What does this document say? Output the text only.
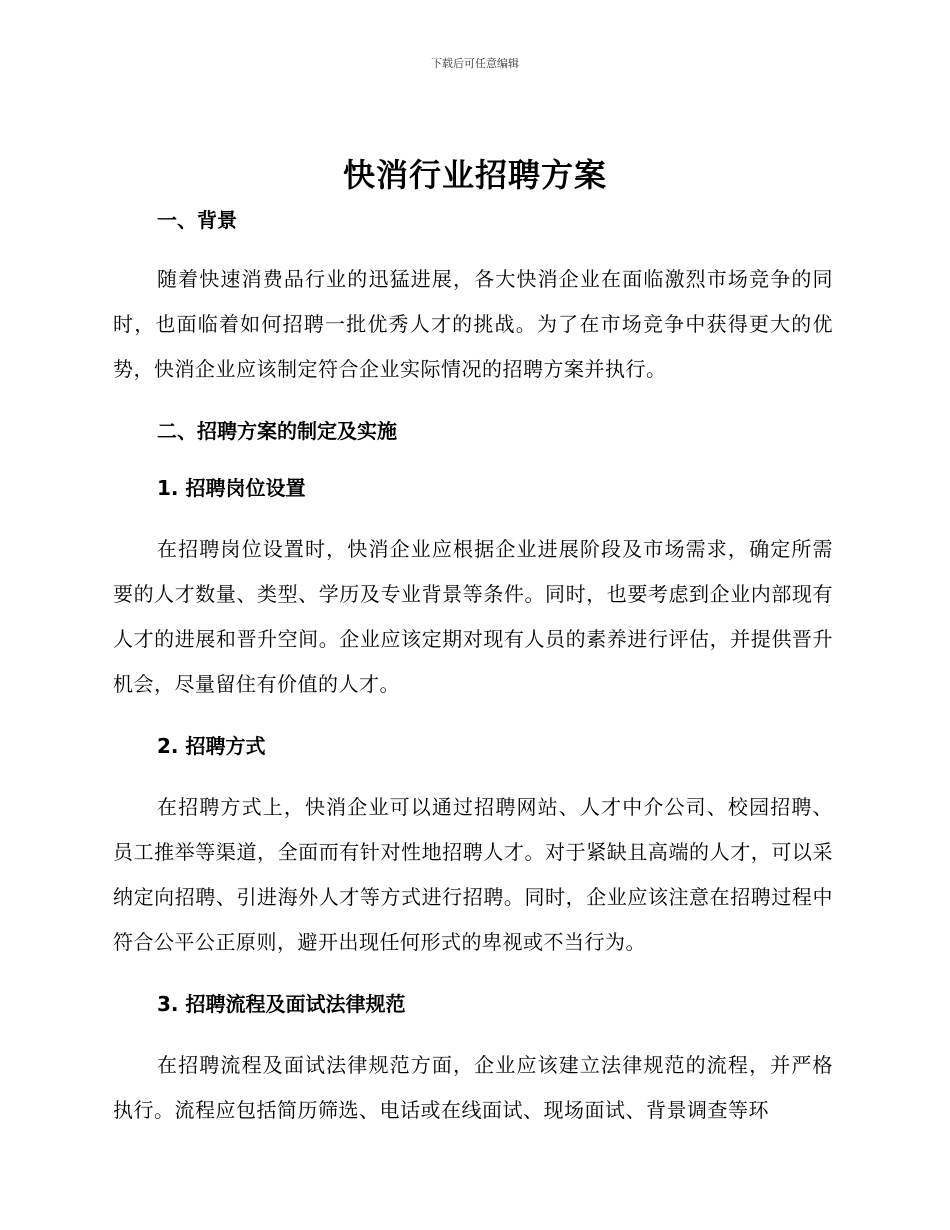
下载后可任意编辑
快消行业招聘方案
一、背景
随着快速消费品行业的迅猛进展，各大快消企业在面临激烈市场竞争的同时，也面临着如何招聘一批优秀人才的挑战。为了在市场竞争中获得更大的优势，快消企业应该制定符合企业实际情况的招聘方案并执行。
二、招聘方案的制定及实施
1. 招聘岗位设置
在招聘岗位设置时，快消企业应根据企业进展阶段及市场需求，确定所需要的人才数量、类型、学历及专业背景等条件。同时，也要考虑到企业内部现有人才的进展和晋升空间。企业应该定期对现有人员的素养进行评估，并提供晋升机会，尽量留住有价值的人才。
2. 招聘方式
在招聘方式上，快消企业可以通过招聘网站、人才中介公司、校园招聘、员工推举等渠道，全面而有针对性地招聘人才。对于紧缺且高端的人才，可以采纳定向招聘、引进海外人才等方式进行招聘。同时，企业应该注意在招聘过程中符合公平公正原则，避开出现任何形式的卑视或不当行为。
3. 招聘流程及面试法律规范
在招聘流程及面试法律规范方面，企业应该建立法律规范的流程，并严格执行。流程应包括简历筛选、电话或在线面试、现场面试、背景调查等环
